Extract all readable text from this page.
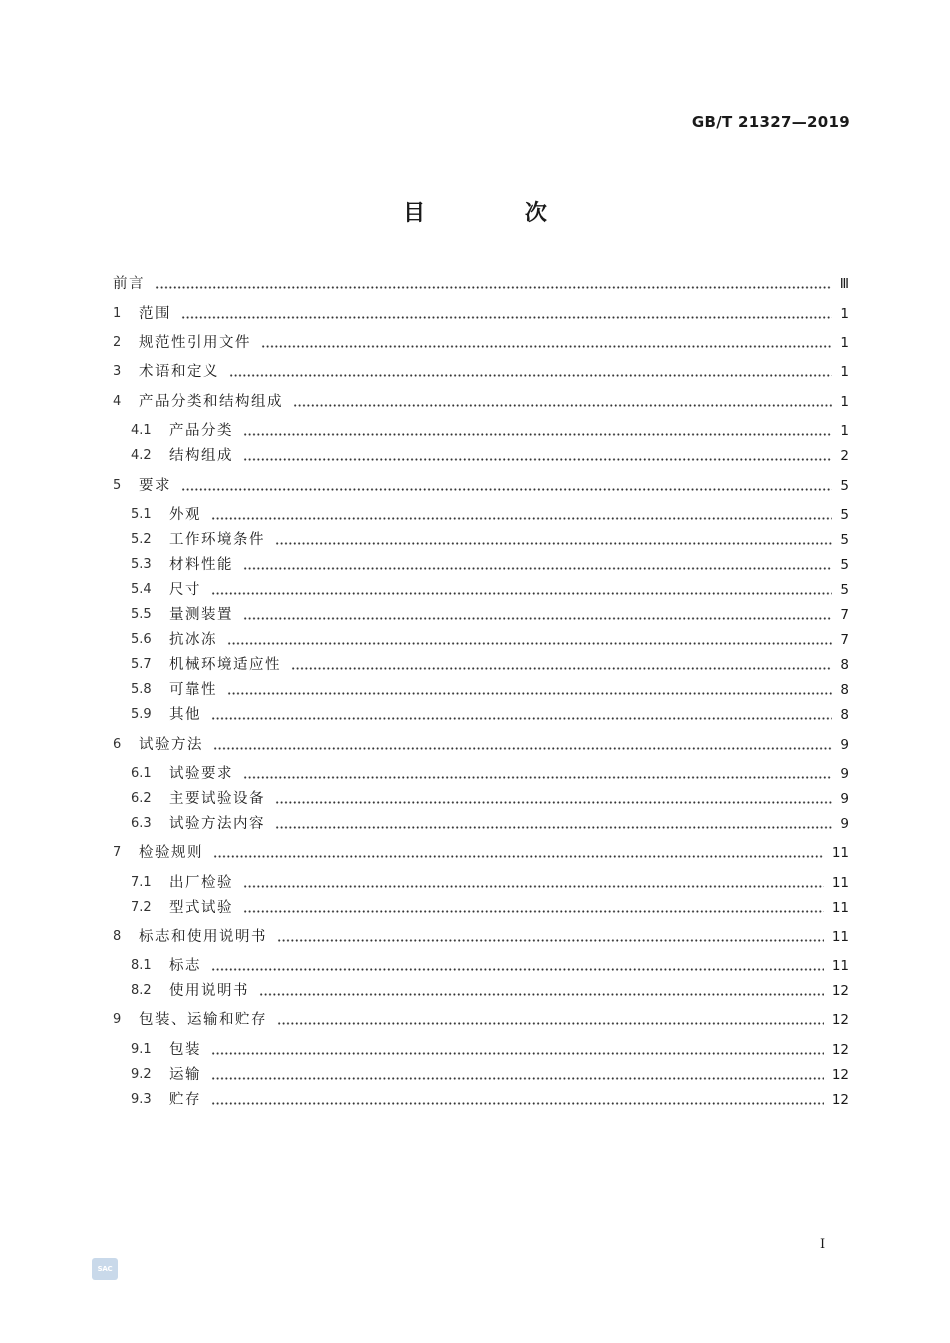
GB/T 21327—2019
目 次
前言	Ⅲ
1	范围	1
2	规范性引用文件	1
3	术语和定义	1
4	产品分类和结构组成	1
4.1	产品分类	1
4.2	结构组成	2
5	要求	5
5.1	外观	5
5.2	工作环境条件	5
5.3	材料性能	5
5.4	尺寸	5
5.5	量测装置	7
5.6	抗冰冻	7
5.7	机械环境适应性	8
5.8	可靠性	8
5.9	其他	8
6	试验方法	9
6.1	试验要求	9
6.2	主要试验设备	9
6.3	试验方法内容	9
7	检验规则	11
7.1	出厂检验	11
7.2	型式试验	11
8	标志和使用说明书	11
8.1	标志	11
8.2	使用说明书	12
9	包装、运输和贮存	12
9.1	包装	12
9.2	运输	12
9.3	贮存	12
Ⅰ
SAC
